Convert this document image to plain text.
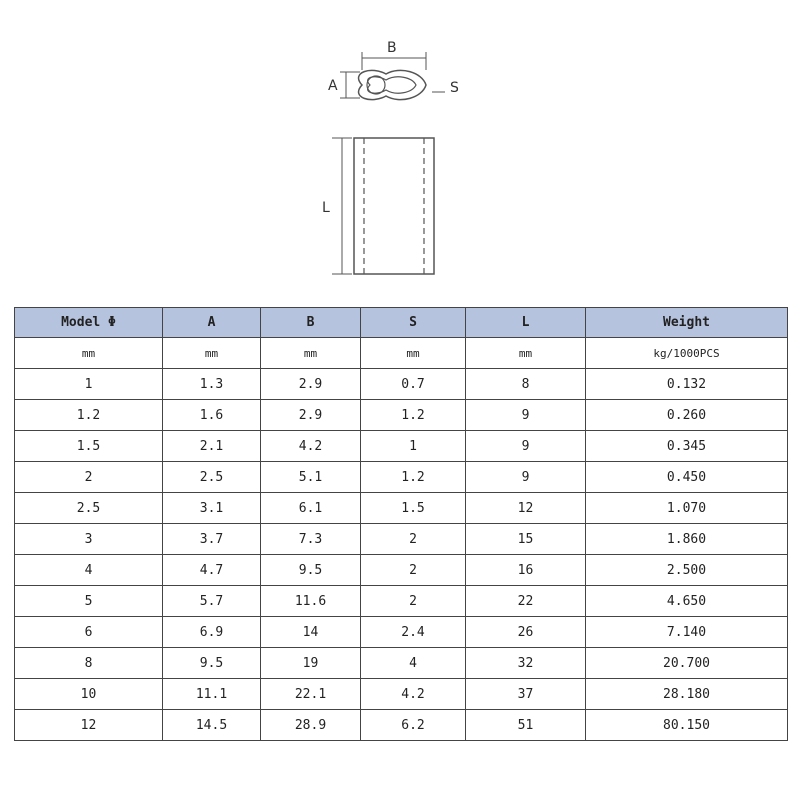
B
A	S
L
Model Φ	A	B	S	L	Weight
mm	mm	mm	mm	mm	kg/1000PCS
1	1.3	2.9	0.7	8	0.132
1.2	1.6	2.9	1.2	9	0.260
1.5	2.1	4.2	1	9	0.345
2	2.5	5.1	1.2	9	0.450
2.5	3.1	6.1	1.5	12	1.070
3	3.7	7.3	2	15	1.860
4	4.7	9.5	2	16	2.500
5	5.7	11.6	2	22	4.650
6	6.9	14	2.4	26	7.140
8	9.5	19	4	32	20.700
10	11.1	22.1	4.2	37	28.180
12	14.5	28.9	6.2	51	80.150
